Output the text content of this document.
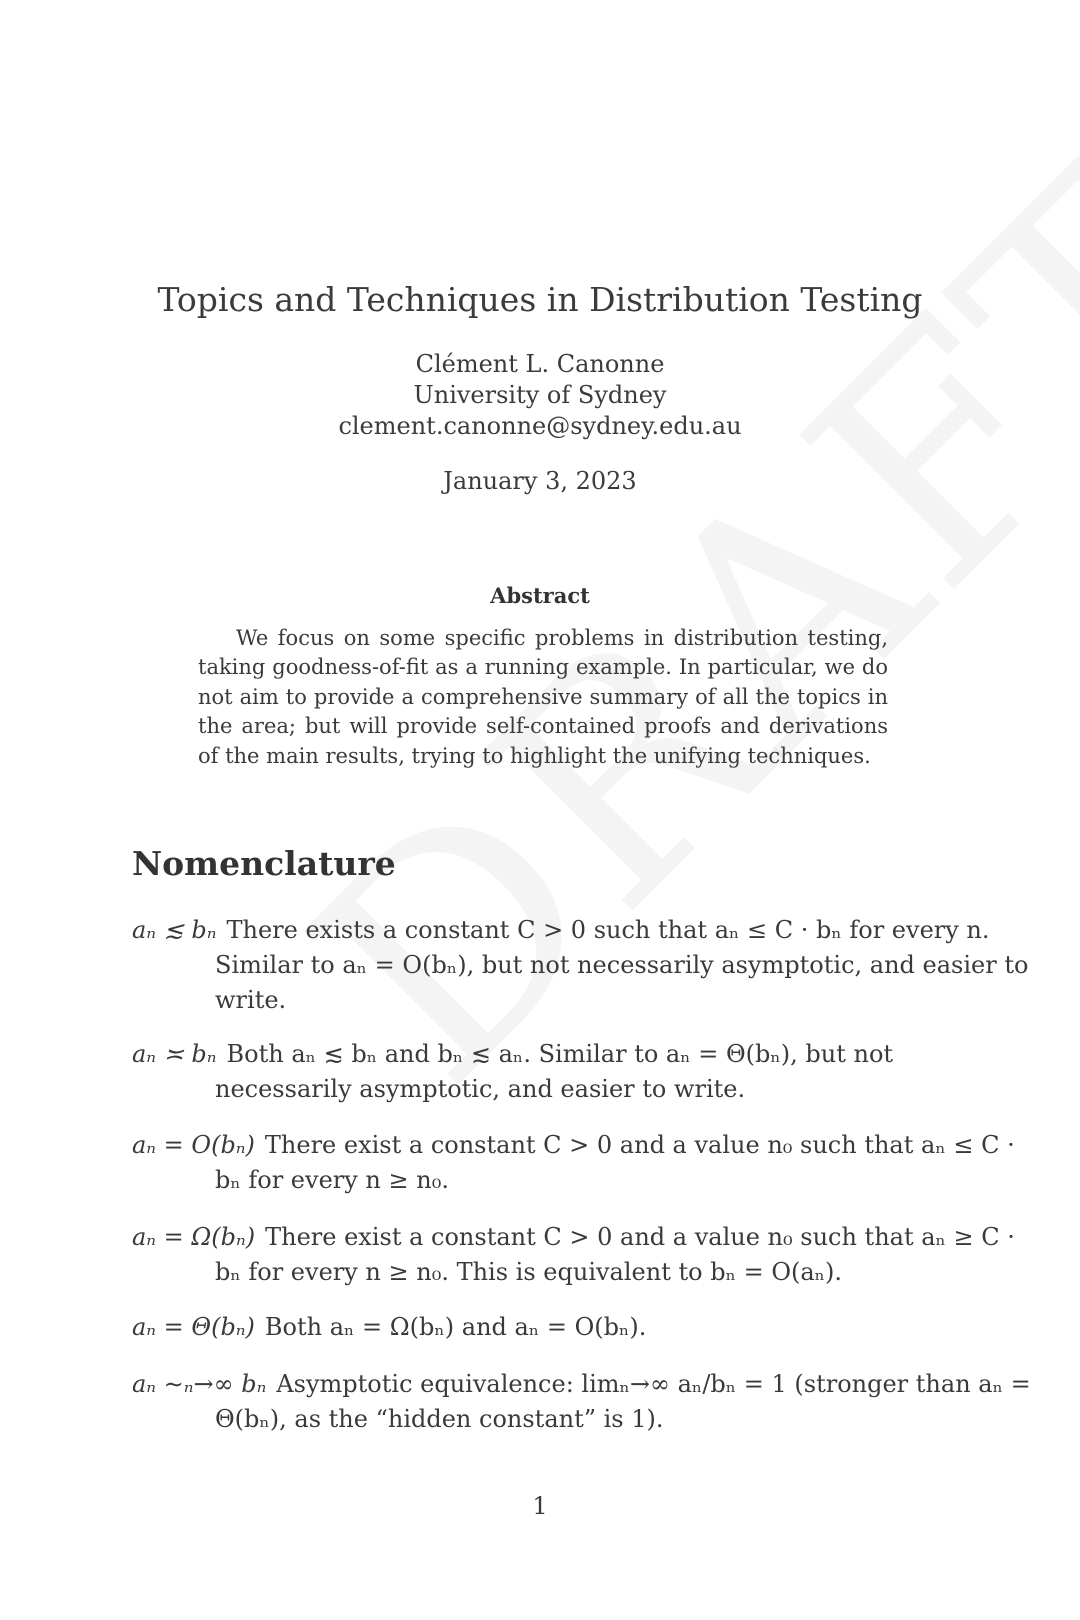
Topics and Techniques in Distribution Testing
Clément L. Canonne
University of Sydney
clement.canonne@sydney.edu.au
January 3, 2023
Abstract
We focus on some specific problems in distribution testing, taking goodness-of-fit as a running example. In particular, we do not aim to provide a comprehensive summary of all the topics in the area; but will provide self-contained proofs and derivations of the main results, trying to highlight the unifying techniques.
Nomenclature
aₙ ≲ bₙ There exists a constant C > 0 such that aₙ ≤ C · bₙ for every n. Similar to aₙ = O(bₙ), but not necessarily asymptotic, and easier to write.
aₙ ≍ bₙ Both aₙ ≲ bₙ and bₙ ≲ aₙ. Similar to aₙ = Θ(bₙ), but not necessarily asymptotic, and easier to write.
aₙ = O(bₙ) There exist a constant C > 0 and a value n₀ such that aₙ ≤ C · bₙ for every n ≥ n₀.
aₙ = Ω(bₙ) There exist a constant C > 0 and a value n₀ such that aₙ ≥ C · bₙ for every n ≥ n₀. This is equivalent to bₙ = O(aₙ).
aₙ = Θ(bₙ) Both aₙ = Ω(bₙ) and aₙ = O(bₙ).
aₙ ∼ₙ→∞ bₙ Asymptotic equivalence: limₙ→∞ aₙ/bₙ = 1 (stronger than aₙ = Θ(bₙ), as the “hidden constant” is 1).
1
